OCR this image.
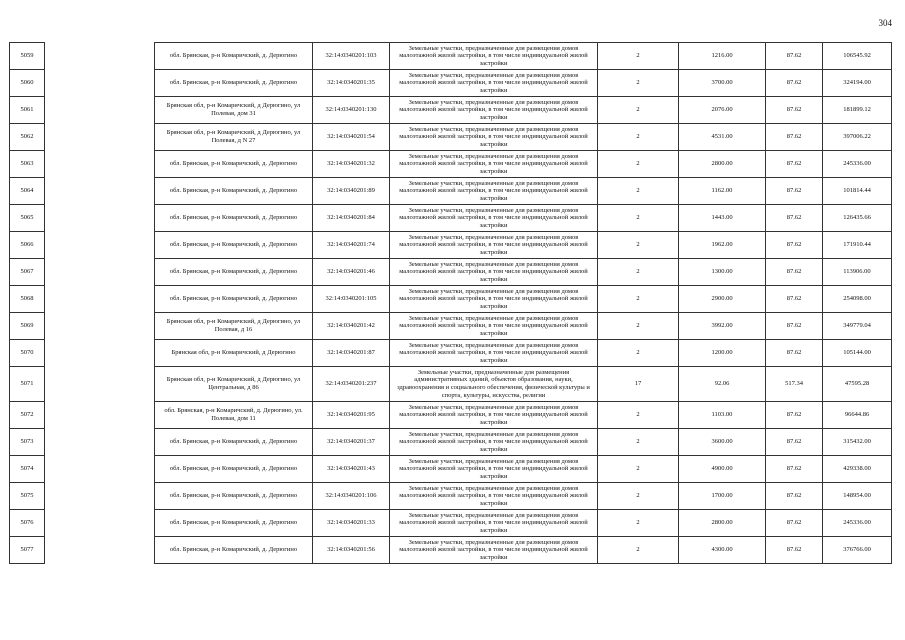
304
5059		обл. Брянская, р-н Комаричский, д. Дерюгино	32:14:0340201:103	Земельные участки, предназначенные для размещения домов малоэтажной жилой застройки, в том числе индивидуальной жилой застройки	2	1216.00	87.62	106545.92
5060		обл. Брянская, р-н Комаричский, д. Дерюгино	32:14:0340201:35	Земельные участки, предназначенные для размещения домов малоэтажной жилой застройки, в том числе индивидуальной жилой застройки	2	3700.00	87.62	324194.00
5061		Брянская обл, р-н Комаричский, д Дерюгино, ул Полевая, дом 31	32:14:0340201:130	Земельные участки, предназначенные для размещения домов малоэтажной жилой застройки, в том числе индивидуальной жилой застройки	2	2076.00	87.62	181899.12
5062		Брянская обл, р-н Комаричский, д Дерюгино, ул Полевая, д N 27	32:14:0340201:54	Земельные участки, предназначенные для размещения домов малоэтажной жилой застройки, в том числе индивидуальной жилой застройки	2	4531.00	87.62	397006.22
5063		обл. Брянская, р-н Комаричский, д. Дерюгино	32:14:0340201:32	Земельные участки, предназначенные для размещения домов малоэтажной жилой застройки, в том числе индивидуальной жилой застройки	2	2800.00	87.62	245336.00
5064		обл. Брянская, р-н Комаричский, д. Дерюгино	32:14:0340201:89	Земельные участки, предназначенные для размещения домов малоэтажной жилой застройки, в том числе индивидуальной жилой застройки	2	1162.00	87.62	101814.44
5065		обл. Брянская, р-н Комаричский, д. Дерюгино	32:14:0340201:84	Земельные участки, предназначенные для размещения домов малоэтажной жилой застройки, в том числе индивидуальной жилой застройки	2	1443.00	87.62	126435.66
5066		обл. Брянская, р-н Комаричский, д. Дерюгино	32:14:0340201:74	Земельные участки, предназначенные для размещения домов малоэтажной жилой застройки, в том числе индивидуальной жилой застройки	2	1962.00	87.62	171910.44
5067		обл. Брянская, р-н Комаричский, д. Дерюгино	32:14:0340201:46	Земельные участки, предназначенные для размещения домов малоэтажной жилой застройки, в том числе индивидуальной жилой застройки	2	1300.00	87.62	113906.00
5068		обл. Брянская, р-н Комаричский, д. Дерюгино	32:14:0340201:105	Земельные участки, предназначенные для размещения домов малоэтажной жилой застройки, в том числе индивидуальной жилой застройки	2	2900.00	87.62	254098.00
5069		Брянская обл, р-н Комаричский, д Дерюгино, ул Полевая, д 16	32:14:0340201:42	Земельные участки, предназначенные для размещения домов малоэтажной жилой застройки, в том числе индивидуальной жилой застройки	2	3992.00	87.62	349779.04
5070		Брянская обл, р-н Комаричский, д Дерюгино	32:14:0340201:87	Земельные участки, предназначенные для размещения домов малоэтажной жилой застройки, в том числе индивидуальной жилой застройки	2	1200.00	87.62	105144.00
5071		Брянская обл, р-н Комаричский, д Дерюгино, ул Центральная, д 86	32:14:0340201:237	Земельные участки, предназначенные для размещения административных зданий, объектов образования, науки, здравоохранения и социального обеспечения, физической культуры и спорта, культуры, искусства, религии	17	92.06	517.34	47595.28
5072		обл. Брянская, р-н Комаричский, д. Дерюгино, ул. Полевая, дом 11	32:14:0340201:95	Земельные участки, предназначенные для размещения домов малоэтажной жилой застройки, в том числе индивидуальной жилой застройки	2	1103.00	87.62	96644.86
5073		обл. Брянская, р-н Комаричский, д. Дерюгино	32:14:0340201:37	Земельные участки, предназначенные для размещения домов малоэтажной жилой застройки, в том числе индивидуальной жилой застройки	2	3600.00	87.62	315432.00
5074		обл. Брянская, р-н Комаричский, д. Дерюгино	32:14:0340201:43	Земельные участки, предназначенные для размещения домов малоэтажной жилой застройки, в том числе индивидуальной жилой застройки	2	4900.00	87.62	429338.00
5075		обл. Брянская, р-н Комаричский, д. Дерюгино	32:14:0340201:106	Земельные участки, предназначенные для размещения домов малоэтажной жилой застройки, в том числе индивидуальной жилой застройки	2	1700.00	87.62	148954.00
5076		обл. Брянская, р-н Комаричский, д. Дерюгино	32:14:0340201:33	Земельные участки, предназначенные для размещения домов малоэтажной жилой застройки, в том числе индивидуальной жилой застройки	2	2800.00	87.62	245336.00
5077		обл. Брянская, р-н Комаричский, д. Дерюгино	32:14:0340201:56	Земельные участки, предназначенные для размещения домов малоэтажной жилой застройки, в том числе индивидуальной жилой застройки	2	4300.00	87.62	376766.00
